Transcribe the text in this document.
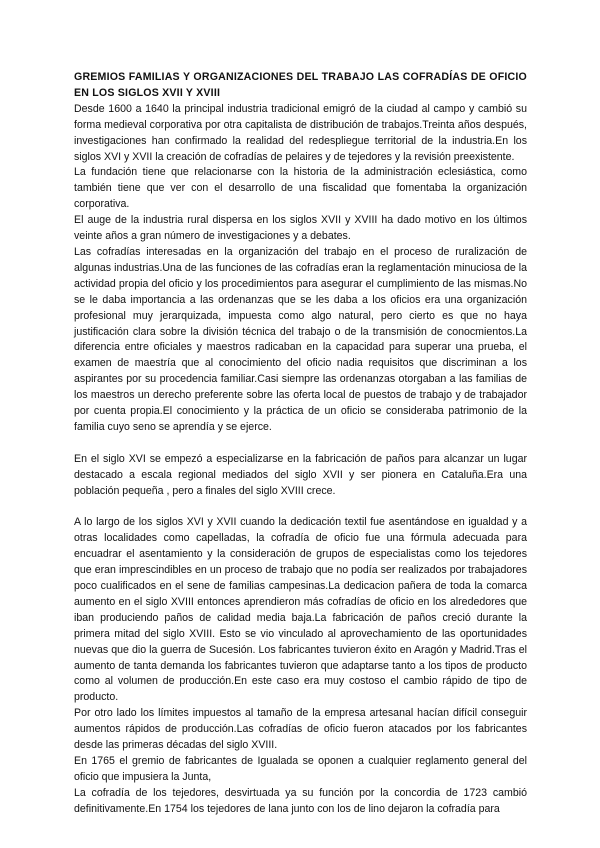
GREMIOS FAMILIAS Y ORGANIZACIONES DEL TRABAJO LAS COFRADÍAS DE OFICIO EN LOS SIGLOS XVII Y XVIII

Desde 1600 a 1640 la principal industria tradicional emigró de la ciudad al campo y cambió su forma medieval corporativa por otra capitalista de distribución de trabajos.Treinta años después, investigaciones han confirmado la realidad del redespliegue territorial de la industria.En los siglos XVI y XVII la creación de cofradías de pelaires y de tejedores y la revisión preexistente.

La fundación tiene que relacionarse con la historia de la administración eclesiástica, como también tiene que ver con el desarrollo de una fiscalidad que fomentaba la organización corporativa.

El auge de la industria rural dispersa en los siglos XVII y XVIII ha dado motivo en los últimos veinte años a gran número de investigaciones y a debates.

Las cofradías interesadas en la organización del trabajo en el proceso de ruralización de algunas industrias.Una de las funciones de las cofradías eran la reglamentación minuciosa de la actividad propia del oficio y los procedimientos para asegurar el cumplimiento de las mismas.No se le daba importancia a las ordenanzas que se les daba a los oficios era una organización profesional muy jerarquizada, impuesta como algo natural, pero cierto es que no haya justificación clara sobre la división técnica del trabajo o de la transmisión de conocmientos.La diferencia entre oficiales y maestros radicaban en la capacidad para superar una prueba, el examen de maestría que al conocimiento del oficio nadia requisitos que discriminan a los aspirantes por su procedencia familiar.Casi siempre las ordenanzas otorgaban a las familias de los maestros un derecho preferente sobre las oferta local de puestos de trabajo y de trabajador por cuenta propia.El conocimiento y la práctica de un oficio se consideraba patrimonio de la familia cuyo seno se aprendía y se ejerce.

En el siglo XVI se empezó a especializarse en la fabricación de paños para alcanzar un lugar destacado a escala regional mediados del siglo XVII y ser pionera en Cataluña.Era una población pequeña , pero a finales del siglo XVIII crece.

A lo largo de los siglos XVI y XVII cuando la dedicación textil fue asentándose en igualdad y a otras localidades como capelladas, la cofradía de oficio fue una fórmula adecuada para encuadrar el asentamiento y la consideración de grupos de especialistas como los tejedores que eran imprescindibles en un proceso de trabajo que no podía ser realizados por trabajadores poco cualificados en el sene de familias campesinas.La dedicacion pañera de toda la comarca aumento en el siglo XVIII entonces aprendieron más cofradías de oficio en los alrededores que iban produciendo paños de calidad media baja.La fabricación de paños creció durante la primera mitad del siglo XVIII. Esto se vio vinculado al aprovechamiento de las oportunidades nuevas que dio la guerra de Sucesión. Los fabricantes tuvieron éxito en Aragón y Madrid.Tras el aumento de tanta demanda los fabricantes tuvieron que adaptarse tanto a los tipos de producto como al volumen de producción.En este caso era muy costoso el cambio rápido de tipo de producto.

Por otro lado los límites impuestos al tamaño de la empresa artesanal hacían difícil conseguir aumentos rápidos de producción.Las cofradías de oficio fueron atacados por los fabricantes desde las primeras décadas del siglo XVIII.

En 1765 el gremio de fabricantes de Igualada se oponen a cualquier reglamento general del oficio que impusiera la Junta,

La cofradía de los tejedores, desvirtuada ya su función por la concordia de 1723 cambió definitivamente.En 1754 los tejedores de lana junto con los de lino dejaron la cofradía para
